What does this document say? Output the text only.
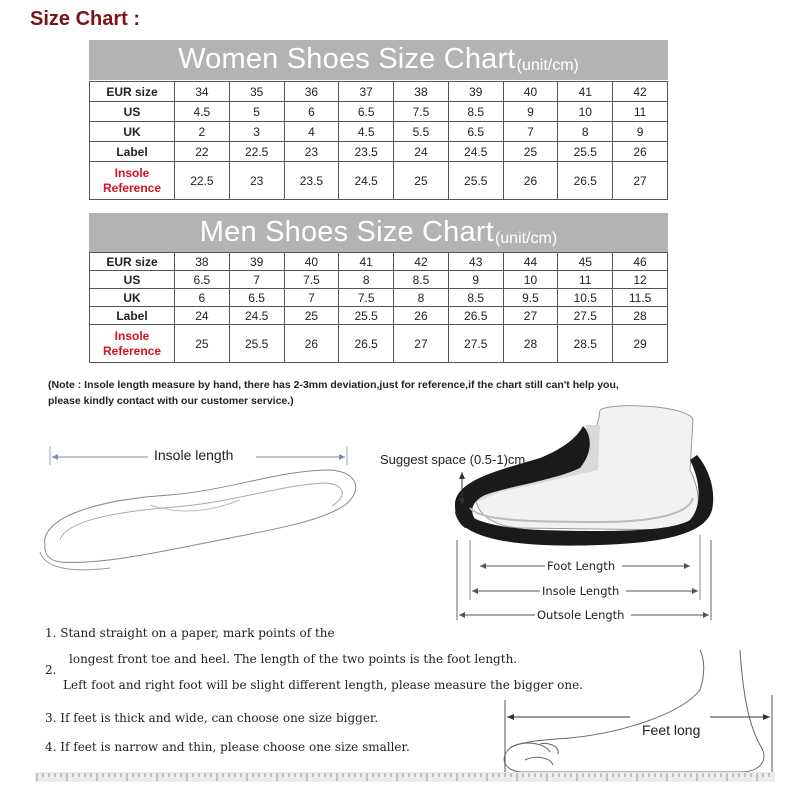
Size Chart :
Women Shoes Size Chart (unit/cm)
EUR size	34	35	36	37	38	39	40	41	42
US	4.5	5	6	6.5	7.5	8.5	9	10	11
UK	2	3	4	4.5	5.5	6.5	7	8	9
Label	22	22.5	23	23.5	24	24.5	25	25.5	26
Insole
Reference	22.5	23	23.5	24.5	25	25.5	26	26.5	27
Men Shoes Size Chart (unit/cm)
EUR size	38	39	40	41	42	43	44	45	46
US	6.5	7	7.5	8	8.5	9	10	11	12
UK	6	6.5	7	7.5	8	8.5	9.5	10.5	11.5
Label	24	24.5	25	25.5	26	26.5	27	27.5	28
Insole
Reference	25	25.5	26	26.5	27	27.5	28	28.5	29
(Note : Insole length measure by hand, there has 2-3mm deviation,just for reference,if the chart still can't help you,
please kindly contact with our customer service.)
Insole length	Suggest space (0.5-1)cm
Foot Length
Insole Length
Outsole Length
Feet long
1. Stand straight on a paper, mark points of the
longest front toe and heel. The length of the two points is the foot length.
2.
Left foot and right foot will be slight different length, please measure the bigger one.
3. If feet is thick and wide, can choose one size bigger.
4. If feet is narrow and thin, please choose one size smaller.
